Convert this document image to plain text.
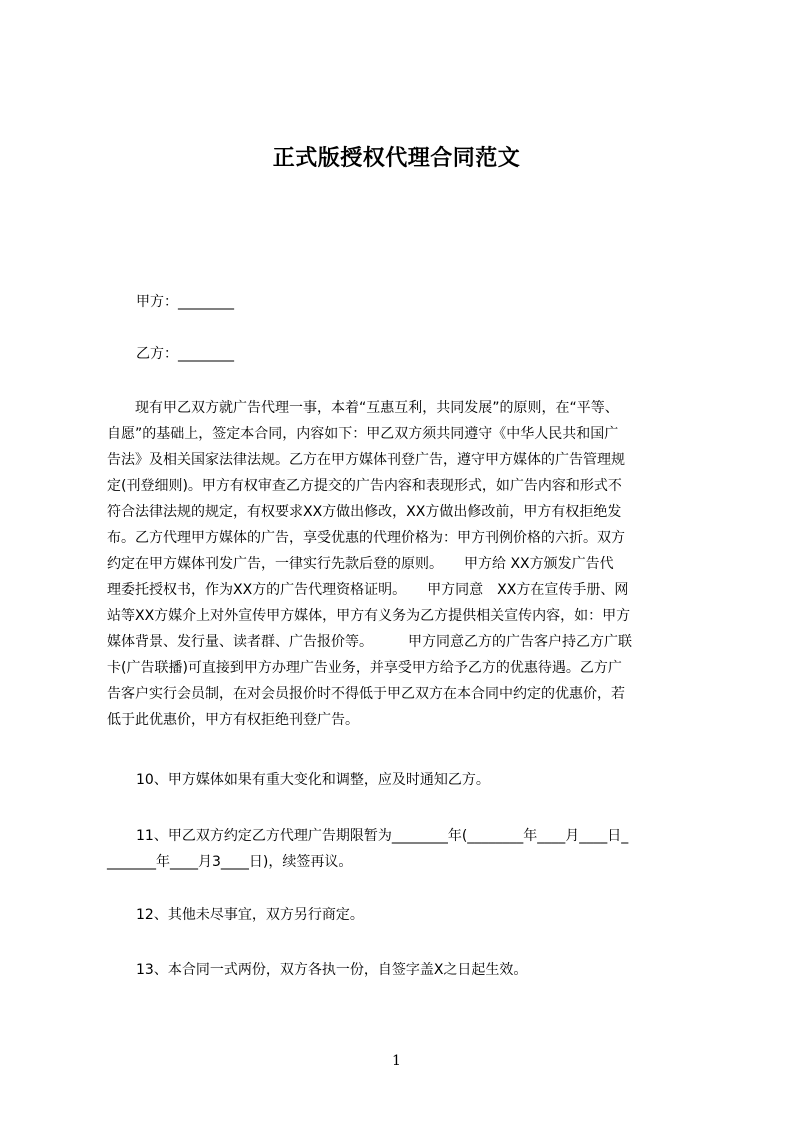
正式版授权代理合同范文
甲方：________
乙方：________
　　现有甲乙双方就广告代理一事，本着“互惠互利，共同发展”的原则，在“平等、
自愿”的基础上，签定本合同，内容如下：甲乙双方须共同遵守《中华人民共和国广
告法》及相关国家法律法规。乙方在甲方媒体刊登广告，遵守甲方媒体的广告管理规
定(刊登细则)。甲方有权审查乙方提交的广告内容和表现形式，如广告内容和形式不
符合法律法规的规定，有权要求XX方做出修改，XX方做出修改前，甲方有权拒绝发
布。乙方代理甲方媒体的广告，享受优惠的代理价格为：甲方刊例价格的六折。双方
约定在甲方媒体刊发广告，一律实行先款后登的原则。　　甲方给 XX方颁发广告代
理委托授权书，作为XX方的广告代理资格证明。　　甲方同意　XX方在宣传手册、网
站等XX方媒介上对外宣传甲方媒体，甲方有义务为乙方提供相关宣传内容，如：甲方
媒体背景、发行量、读者群、广告报价等。　　　甲方同意乙方的广告客户持乙方广联
卡(广告联播)可直接到甲方办理广告业务，并享受甲方给予乙方的优惠待遇。乙方广
告客户实行会员制，在对会员报价时不得低于甲乙双方在本合同中约定的优惠价，若
低于此优惠价，甲方有权拒绝刊登广告。
10、甲方媒体如果有重大变化和调整，应及时通知乙方。
11、甲乙双方约定乙方代理广告期限暂为________年(________年____月____日_
_______年____月3____日)，续签再议。
12、其他未尽事宜，双方另行商定。
13、本合同一式两份，双方各执一份，自签字盖X之日起生效。
1
